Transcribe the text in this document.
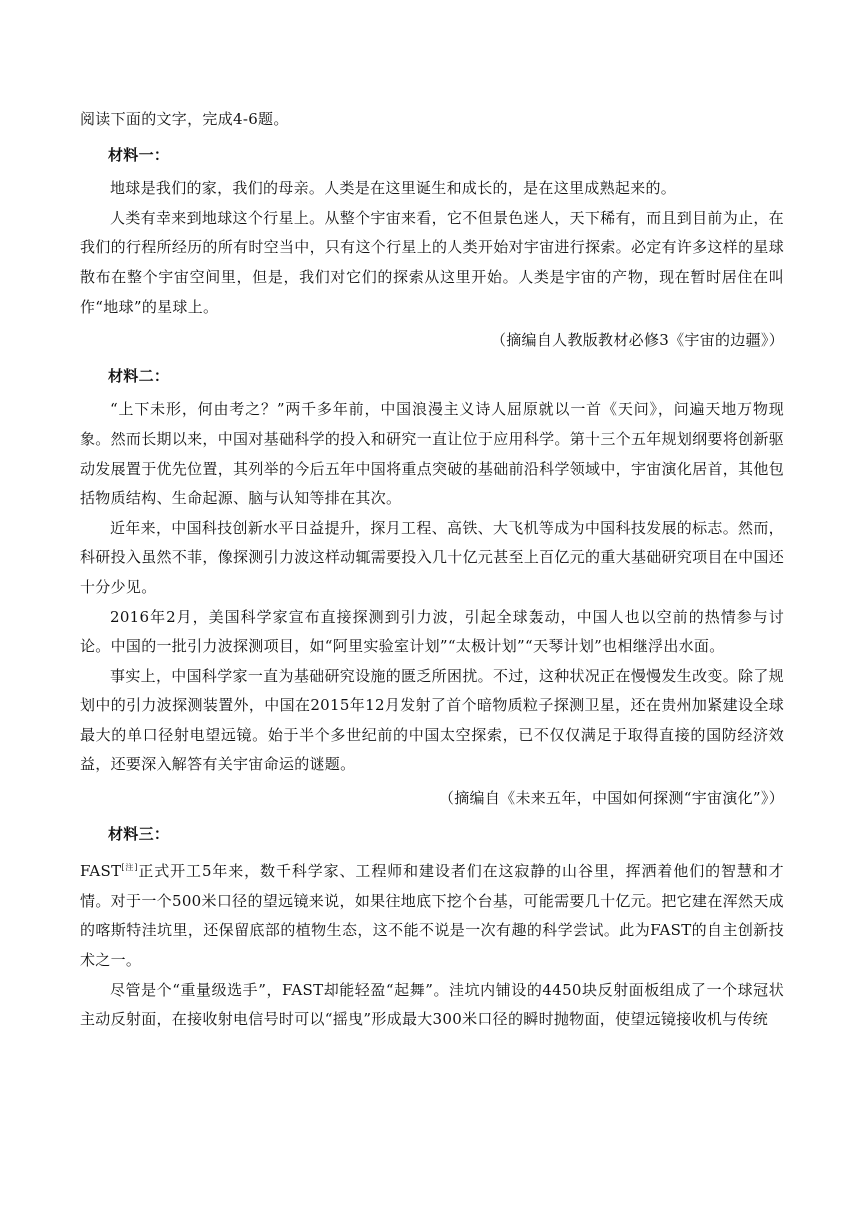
阅读下面的文字，完成4-6题。
材料一：

地球是我们的家，我们的母亲。人类是在这里诞生和成长的，是在这里成熟起来的。

人类有幸来到地球这个行星上。从整个宇宙来看，它不但景色迷人，天下稀有，而且到目前为止，在我们的行程所经历的所有时空当中，只有这个行星上的人类开始对宇宙进行探索。必定有许多这样的星球散布在整个宇宙空间里，但是，我们对它们的探索从这里开始。人类是宇宙的产物，现在暂时居住在叫作“地球”的星球上。

（摘编自人教版教材必修3《宇宙的边疆》）
材料二：

“上下未形，何由考之？”两千多年前，中国浪漫主义诗人屈原就以一首《天问》，问遍天地万物现象。然而长期以来，中国对基础科学的投入和研究一直让位于应用科学。第十三个五年规划纲要将创新驱动发展置于优先位置，其列举的今后五年中国将重点突破的基础前沿科学领域中，宇宙演化居首，其他包括物质结构、生命起源、脑与认知等排在其次。

近年来，中国科技创新水平日益提升，探月工程、高铁、大飞机等成为中国科技发展的标志。然而，科研投入虽然不菲，像探测引力波这样动辄需要投入几十亿元甚至上百亿元的重大基础研究项目在中国还十分少见。

2016年2月，美国科学家宣布直接探测到引力波，引起全球轰动，中国人也以空前的热情参与讨论。中国的一批引力波探测项目，如“阿里实验室计划”“太极计划”“天琴计划”也相继浮出水面。

事实上，中国科学家一直为基础研究设施的匮乏所困扰。不过，这种状况正在慢慢发生改变。除了规划中的引力波探测装置外，中国在2015年12月发射了首个暗物质粒子探测卫星，还在贵州加紧建设全球最大的单口径射电望远镜。始于半个多世纪前的中国太空探索，已不仅仅满足于取得直接的国防经济效益，还要深入解答有关宇宙命运的谜题。

（摘编自《未来五年，中国如何探测“宇宙演化”》）
材料三：

FAST[注]正式开工5年来，数千科学家、工程师和建设者们在这寂静的山谷里，挥洒着他们的智慧和才情。对于一个500米口径的望远镜来说，如果往地底下挖个台基，可能需要几十亿元。把它建在浑然天成的喀斯特洼坑里，还保留底部的植物生态，这不能不说是一次有趣的科学尝试。此为FAST的自主创新技术之一。

尽管是个“重量级选手”，FAST却能轻盈“起舞”。洼坑内铺设的4450块反射面板组成了一个球冠状主动反射面，在接收射电信号时可以“摇曳”形成最大300米口径的瞬时抛物面，使望远镜接收机与传统
